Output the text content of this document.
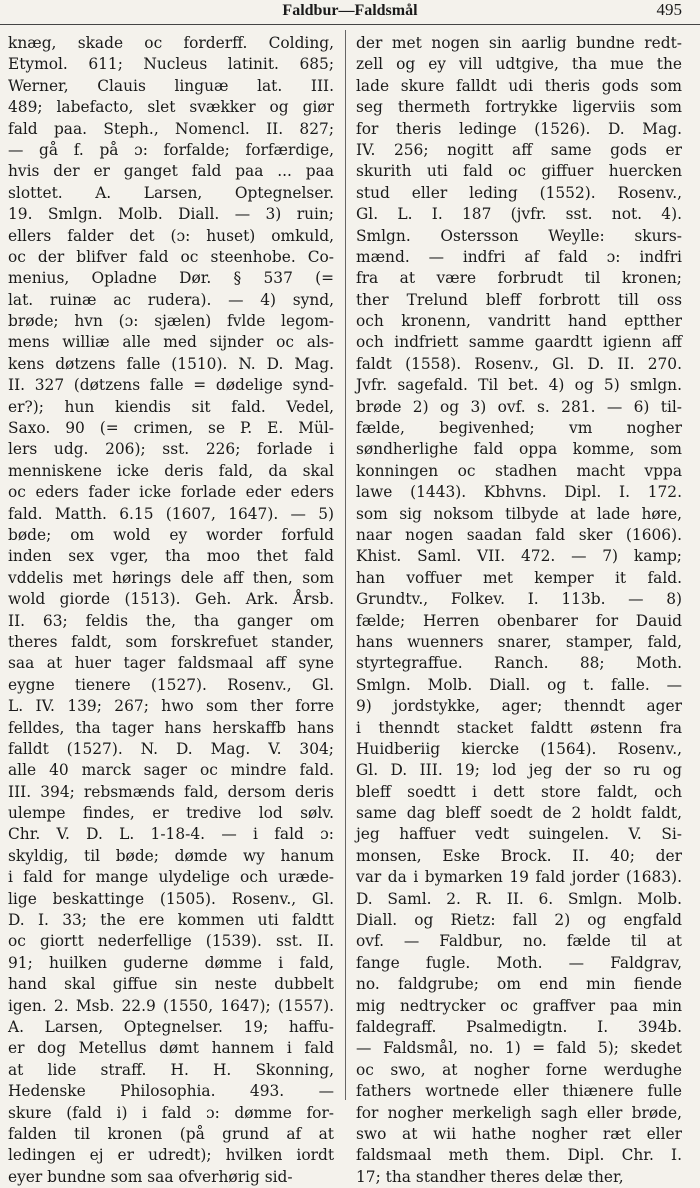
Faldbur—Faldsmål	495
knæg, skade oc forderff. Colding,
Etymol. 611; Nucleus latinit. 685;
Werner, Clauis linguæ lat. III.
489; labefacto, slet svækker og giør
fald paa. Steph., Nomencl. II. 827;
— gå f. på ɔ: forfalde; forfærdige,
hvis der er ganget fald paa ... paa
slottet. A. Larsen, Optegnelser.
19. Smlgn. Molb. Diall. — 3) ruin;
ellers falder det (ɔ: huset) omkuld,
oc der blifver fald oc steenhobe. Co-
menius, Opladne Dør. § 537 (=
lat. ruinæ ac rudera). — 4) synd,
brøde; hvn (ɔ: sjælen) fvlde legom-
mens williæ alle med sijnder oc als-
kens døtzens falle (1510). N. D. Mag.
II. 327 (døtzens falle = dødelige synd-
er?); hun kiendis sit fald. Vedel,
Saxo. 90 (= crimen, se P. E. Mül-
lers udg. 206); sst. 226; forlade i
menniskene icke deris fald, da skal
oc eders fader icke forlade eder eders
fald. Matth. 6.15 (1607, 1647). — 5)
bøde; om wold ey worder forfuld
inden sex vger, tha moo thet fald
vddelis met hørings dele aff then, som
wold giorde (1513). Geh. Ark. Årsb.
II. 63; feldis the, tha ganger om
theres faldt, som forskrefuet stander,
saa at huer tager faldsmaal aff syne
eygne tienere (1527). Rosenv., Gl.
L. IV. 139; 267; hwo som ther forre
felldes, tha tager hans herskaffb hans
falldt (1527). N. D. Mag. V. 304;
alle 40 marck sager oc mindre fald.
III. 394; rebsmænds fald, dersom deris
ulempe findes, er tredive lod sølv.
Chr. V. D. L. 1-18-4. — i fald ɔ:
skyldig, til bøde; dømde wy hanum
i fald for mange ulydelige och urædе-
lige beskattinge (1505). Rosenv., Gl.
D. I. 33; the ere kommen uti faldtt
oc giortt nederfellige (1539). sst. II.
91; huilken guderne dømme i fald,
hand skal giffue sin neste dubbelt
igen. 2. Msb. 22.9 (1550, 1647); (1557).
A. Larsen, Optegnelser. 19; haffu-
er dog Metellus dømt hannem i fald
at lide straff. H. H. Skonning,
Hedenske Philosophia. 493. —
skure (fald i) i fald ɔ: dømme for-
falden til kronen (på grund af at
ledingen ej er udredt); hvilken iordt
eyer bundne som saa ofverhørig sid-
der met nogen sin aarlig bundne redt-
zell og ey vill udtgive, tha mue the
lade skure falldt udi theris gods som
seg thermeth fortrykke ligerviis som
for theris ledinge (1526). D. Mag.
IV. 256; nogitt aff same gods er
skurith uti fald oc giffuer huercken
stud eller leding (1552). Rosenv.,
Gl. L. I. 187 (jvfr. sst. not. 4).
Smlgn. Ostersson Weylle: skurs-
mænd. — indfri af fald ɔ: indfri
fra at være forbrudt til kronen;
ther Trelund bleff forbrott till oss
och kronenn, vandritt hand eptther
och indfriett samme gaardtt igienn aff
faldt (1558). Rosenv., Gl. D. II. 270.
Jvfr. sagefald. Til bet. 4) og 5) smlgn.
brøde 2) og 3) ovf. s. 281. — 6) til-
fælde, begivenhed; vm nogher
søndherlighe fald oppa komme, som
konningen oc stadhen macht vppa
lawe (1443). Kbhvns. Dipl. I. 172.
som sig noksom tilbyde at lade høre,
naar nogen saadan fald sker (1606).
Khist. Saml. VII. 472. — 7) kamp;
han voffuer met kemper it fald.
Grundtv., Folkev. I. 113b. — 8)
fælde; Herren obenbarer for Dauid
hans wuenners snarer, stamper, fald,
styrtegraffue. Ranch. 88; Moth.
Smlgn. Molb. Diall. og t. falle. —
9) jordstykke, ager; thenndt ager
i thenndt stacket faldtt østenn fra
Huidberiig kiercke (1564). Rosenv.,
Gl. D. III. 19; lod jeg der so ru og
bleff soedtt i dett store faldt, och
same dag bleff soedt de 2 holdt faldt,
jeg haffuer vedt suingelen. V. Si-
monsen, Eske Brock. II. 40; der
var da i bymarken 19 fald jorder (1683).
D. Saml. 2. R. II. 6. Smlgn. Molb.
Diall. og Rietz: fall 2) og engfald
ovf. — Faldbur, no. fælde til at
fange fugle. Moth. — Faldgrav,
no. faldgrube; om end min fiende
mig nedtrycker oc graffver paa min
faldegraff. Psalmedigtn. I. 394b.
— Faldsmål, no. 1) = fald 5); skedet
oc swo, at nogher forne werdughe
fathers wortnede eller thiænere fulle
for nogher merkeligh sagh eller brøde,
swo at wii hathe nogher ræt eller
faldsmaal meth them. Dipl. Chr. I.
17; tha standher theres delæ ther,
